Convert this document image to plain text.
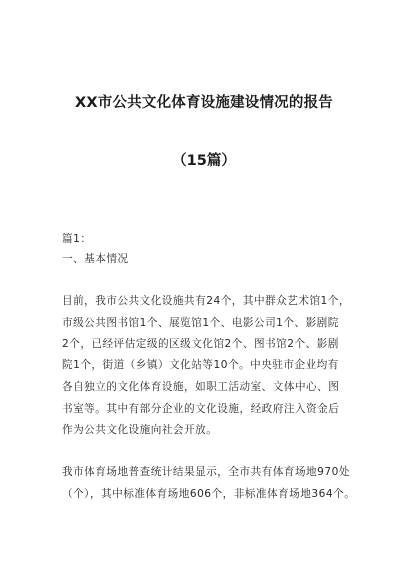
XX市公共文化体育设施建设情况的报告
（15篇）
篇1：
一、基本情况
目前，我市公共文化设施共有24个，其中群众艺术馆1个，
市级公共图书馆1个、展览馆1个、电影公司1个、影剧院
2个，已经评估定级的区级文化馆2个、图书馆2个、影剧
院1个，街道（乡镇）文化站等10个。中央驻市企业均有
各自独立的文化体育设施，如职工活动室、文体中心、图
书室等。其中有部分企业的文化设施，经政府注入资金后
作为公共文化设施向社会开放。
我市体育场地普查统计结果显示，全市共有体育场地970处
（个），其中标准体育场地606个，非标准体育场地364个。
